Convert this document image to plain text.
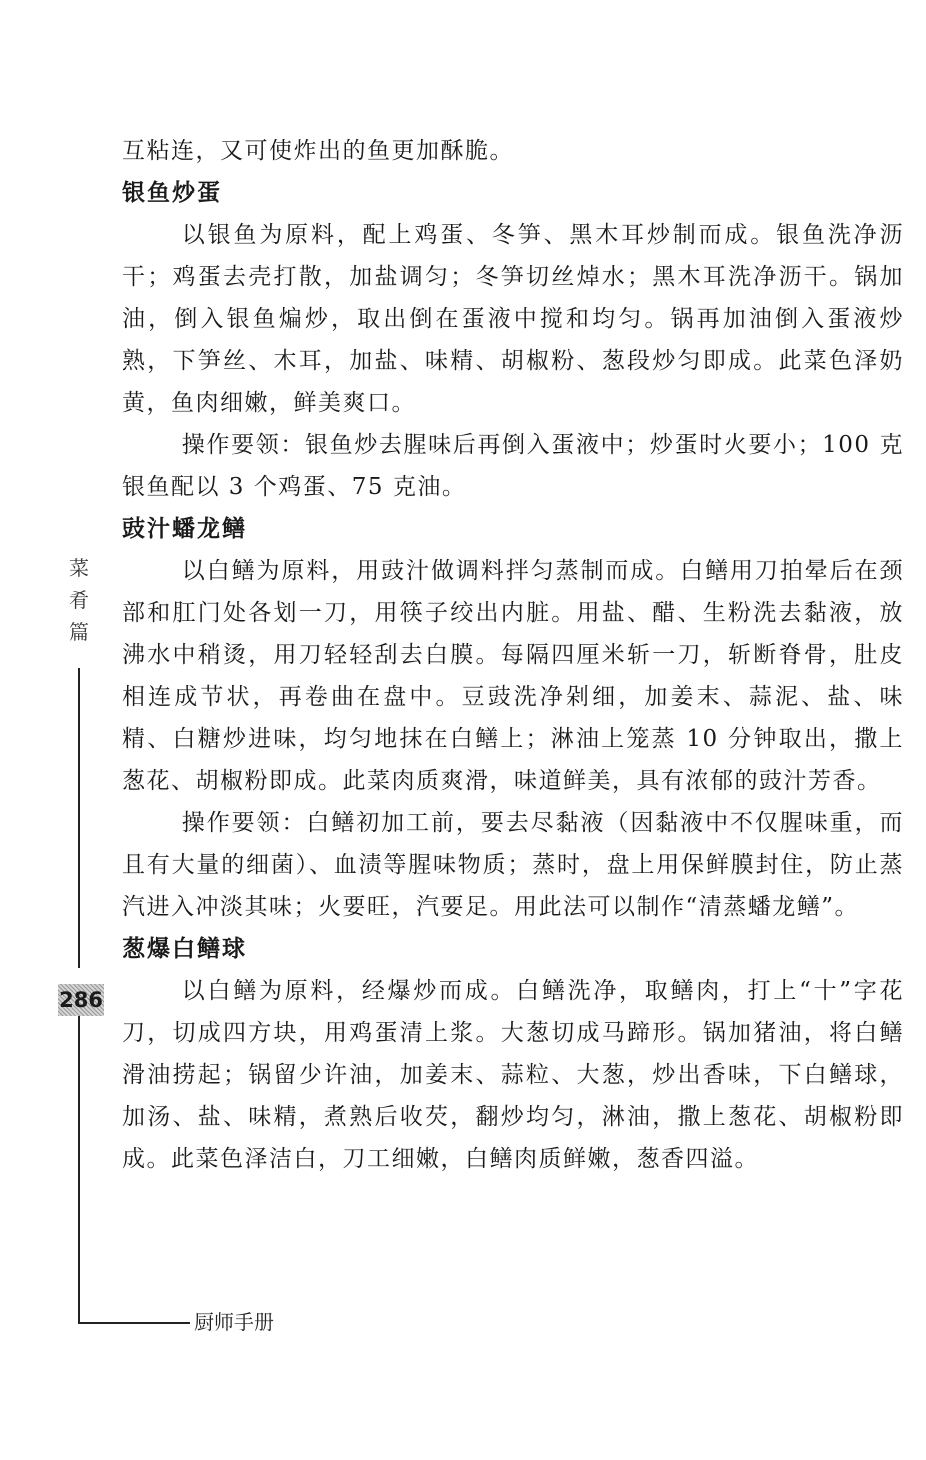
菜
肴
篇
286
厨师手册

互粘连，又可使炸出的鱼更加酥脆。

银鱼炒蛋

以银鱼为原料，配上鸡蛋、冬笋、黑木耳炒制而成。银鱼洗净沥干；鸡蛋去壳打散，加盐调匀；冬笋切丝焯水；黑木耳洗净沥干。锅加油，倒入银鱼煸炒，取出倒在蛋液中搅和均匀。锅再加油倒入蛋液炒熟，下笋丝、木耳，加盐、味精、胡椒粉、葱段炒匀即成。此菜色泽奶黄，鱼肉细嫩，鲜美爽口。

操作要领：银鱼炒去腥味后再倒入蛋液中；炒蛋时火要小；100 克银鱼配以 3 个鸡蛋、75 克油。

豉汁蟠龙鳝

以白鳝为原料，用豉汁做调料拌匀蒸制而成。白鳝用刀拍晕后在颈部和肛门处各划一刀，用筷子绞出内脏。用盐、醋、生粉洗去黏液，放沸水中稍烫，用刀轻轻刮去白膜。每隔四厘米斩一刀，斩断脊骨，肚皮相连成节状，再卷曲在盘中。豆豉洗净剁细，加姜末、蒜泥、盐、味精、白糖炒进味，均匀地抹在白鳝上；淋油上笼蒸 10 分钟取出，撒上葱花、胡椒粉即成。此菜肉质爽滑，味道鲜美，具有浓郁的豉汁芳香。

操作要领：白鳝初加工前，要去尽黏液（因黏液中不仅腥味重，而且有大量的细菌）、血渍等腥味物质；蒸时，盘上用保鲜膜封住，防止蒸汽进入冲淡其味；火要旺，汽要足。用此法可以制作“清蒸蟠龙鳝”。

葱爆白鳝球

以白鳝为原料，经爆炒而成。白鳝洗净，取鳝肉，打上“十”字花刀，切成四方块，用鸡蛋清上浆。大葱切成马蹄形。锅加猪油，将白鳝滑油捞起；锅留少许油，加姜末、蒜粒、大葱，炒出香味，下白鳝球，加汤、盐、味精，煮熟后收芡，翻炒均匀，淋油，撒上葱花、胡椒粉即成。此菜色泽洁白，刀工细嫩，白鳝肉质鲜嫩，葱香四溢。
